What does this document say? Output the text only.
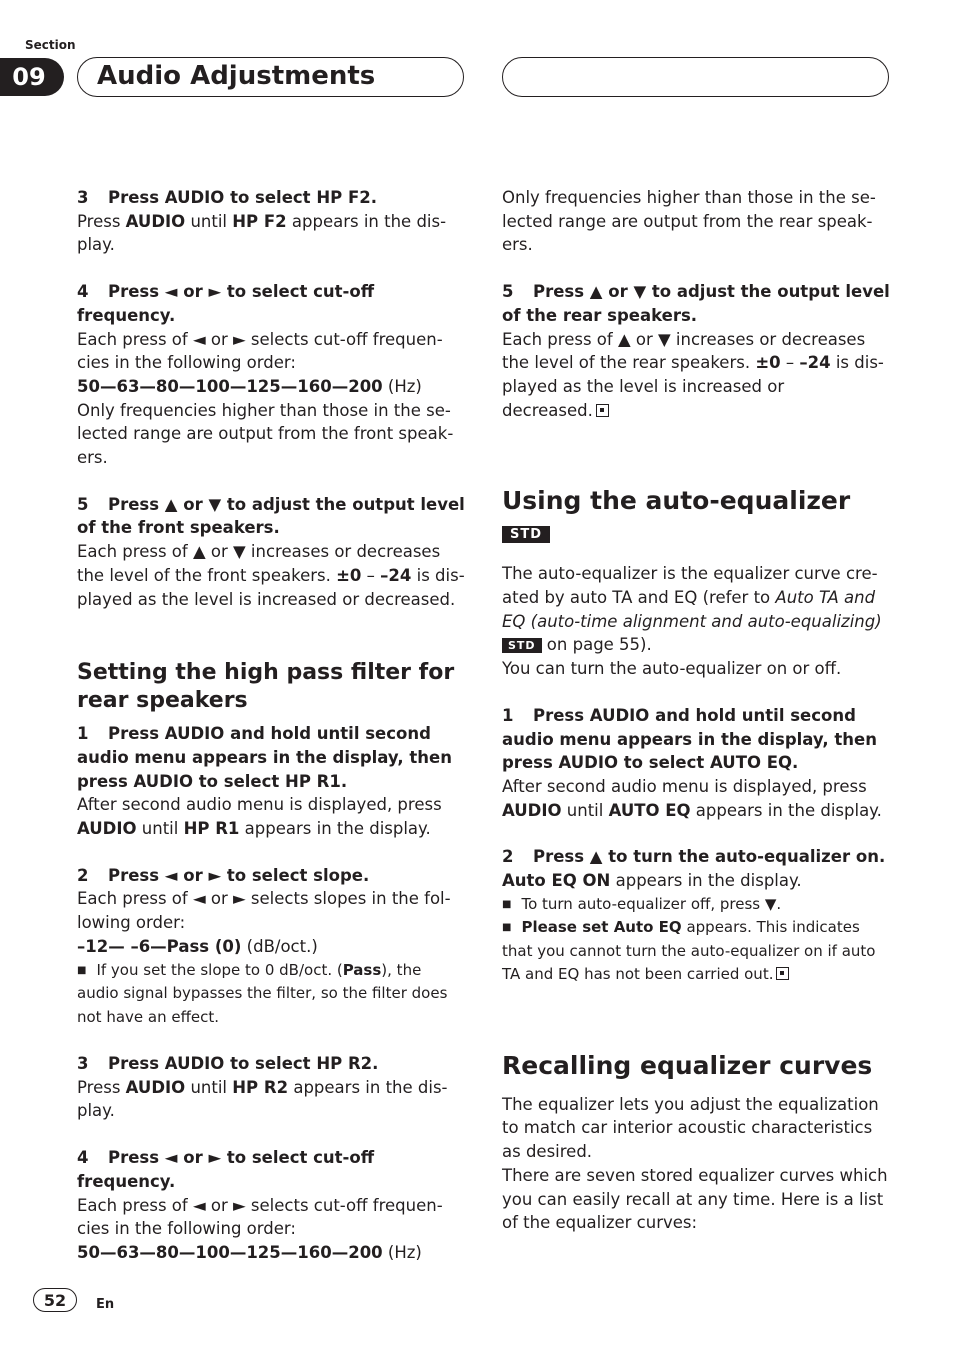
Section
09	Audio Adjustments

3 Press AUDIO to select HP F2.

Press AUDIO until HP F2 appears in the dis-

play.

4 Press ◄ or ► to select cut-off frequency.

Each press of ◄ or ► selects cut-off frequen-

cies in the following order:

50—63—80—100—125—160—200 (Hz)

Only frequencies higher than those in the se-

lected range are output from the front speak-

ers.

5 Press ▲ or ▼ to adjust the output level

of the front speakers.

Each press of ▲ or ▼ increases or decreases

the level of the front speakers. ±0 – –24 is dis-

played as the level is increased or decreased.

Setting the high pass filter for
rear speakers

1 Press AUDIO and hold until second

audio menu appears in the display, then

press AUDIO to select HP R1.

After second audio menu is displayed, press

AUDIO until HP R1 appears in the display.

2 Press ◄ or ► to select slope.

Each press of ◄ or ► selects slopes in the fol-

lowing order:

–12— –6—Pass (0) (dB/oct.)

■ If you set the slope to 0 dB/oct. (Pass), the

audio signal bypasses the filter, so the filter does

not have an effect.

3 Press AUDIO to select HP R2.

Press AUDIO until HP R2 appears in the dis-

play.

4 Press ◄ or ► to select cut-off frequency.

Each press of ◄ or ► selects cut-off frequen-

cies in the following order:

50—63—80—100—125—160—200 (Hz)

Only frequencies higher than those in the se-

lected range are output from the rear speak-

ers.

5 Press ▲ or ▼ to adjust the output level

of the rear speakers.

Each press of ▲ or ▼ increases or decreases

the level of the rear speakers. ±0 – –24 is dis-

played as the level is increased or

decreased.

Using the auto-equalizer STD

The auto-equalizer is the equalizer curve cre-

ated by auto TA and EQ (refer to Auto TA and

EQ (auto-time alignment and auto-equalizing)

STD on page 55).

You can turn the auto-equalizer on or off.

1 Press AUDIO and hold until second

audio menu appears in the display, then

press AUDIO to select AUTO EQ.

After second audio menu is displayed, press

AUDIO until AUTO EQ appears in the display.

2 Press ▲ to turn the auto-equalizer on.

Auto EQ ON appears in the display.

■ To turn auto-equalizer off, press ▼.

■ Please set Auto EQ appears. This indicates

that you cannot turn the auto-equalizer on if auto

TA and EQ has not been carried out.

Recalling equalizer curves

The equalizer lets you adjust the equalization

to match car interior acoustic characteristics

as desired.

There are seven stored equalizer curves which

you can easily recall at any time. Here is a list

of the equalizer curves:

52	En
